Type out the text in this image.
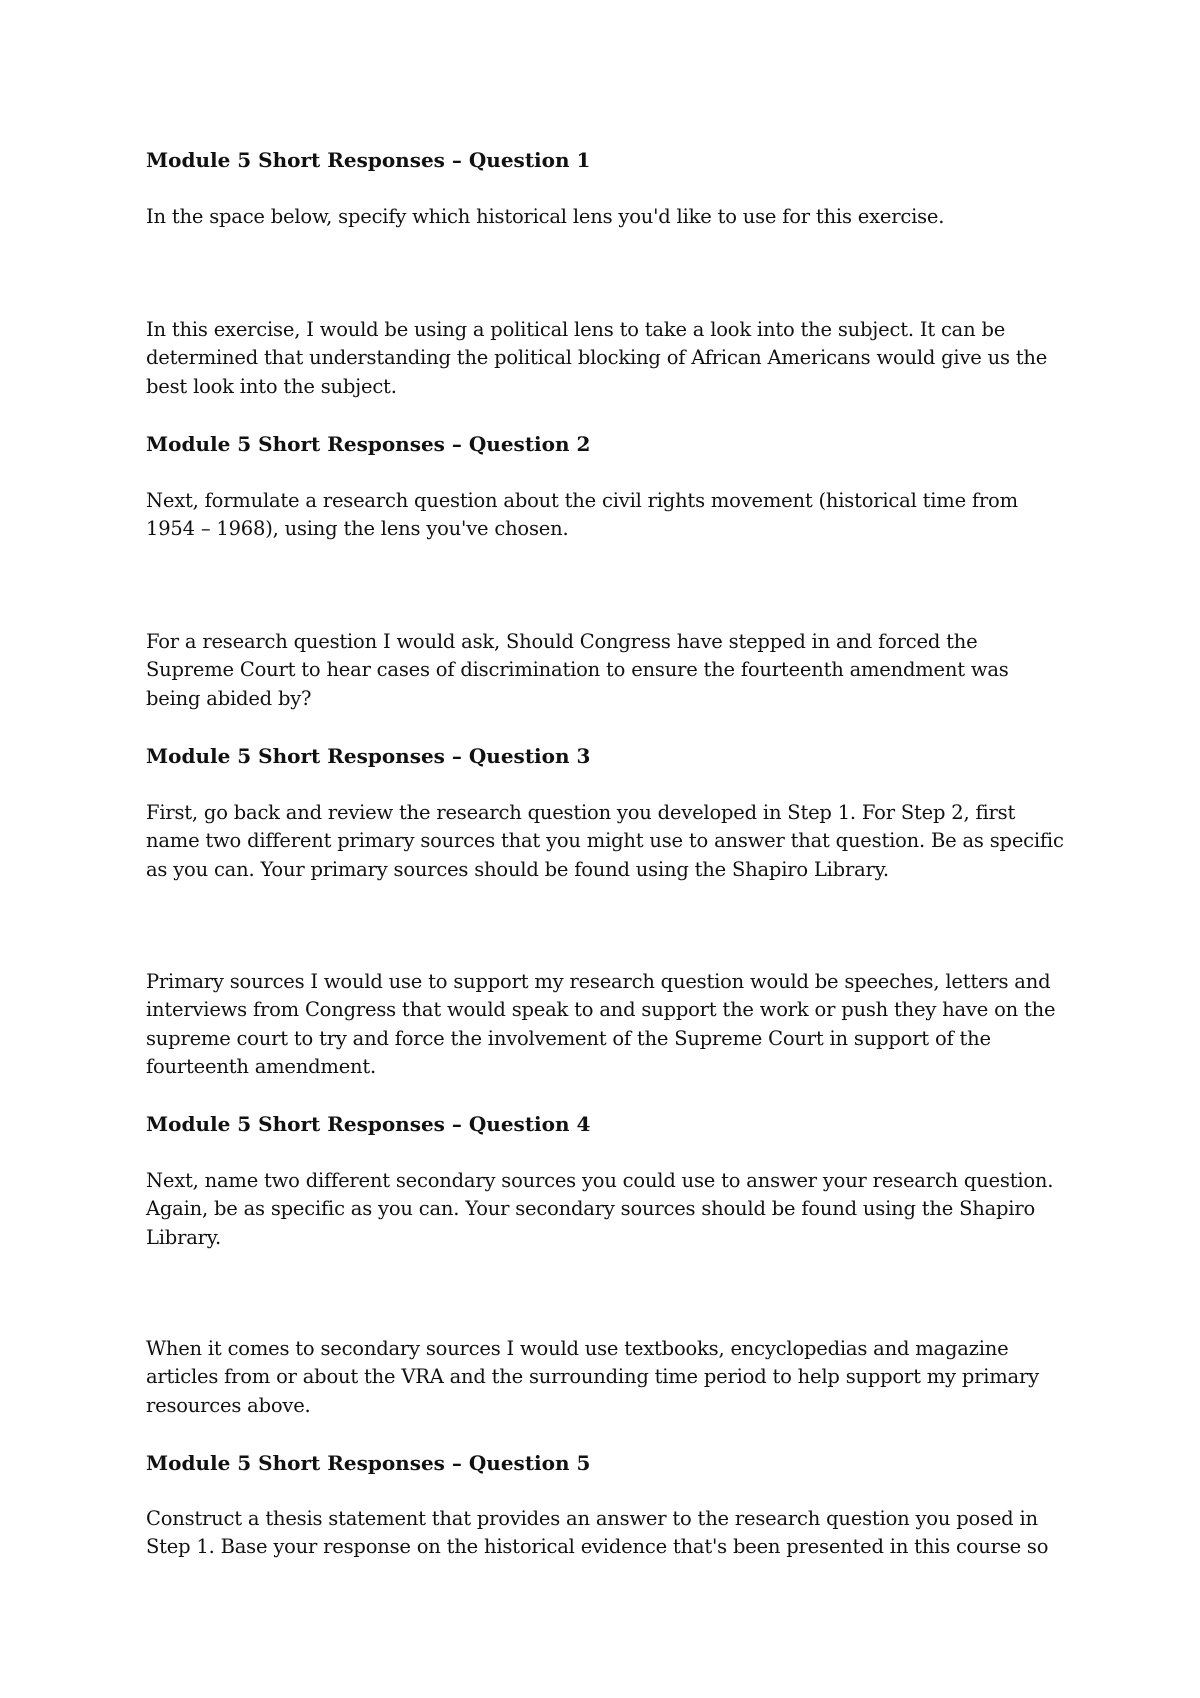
Module 5 Short Responses – Question 1
In the space below, specify which historical lens you'd like to use for this exercise.
In this exercise, I would be using a political lens to take a look into the subject. It can be determined that understanding the political blocking of African Americans would give us the best look into the subject.
Module 5 Short Responses – Question 2
Next, formulate a research question about the civil rights movement (historical time from 1954 – 1968), using the lens you've chosen.
For a research question I would ask, Should Congress have stepped in and forced the Supreme Court to hear cases of discrimination to ensure the fourteenth amendment was being abided by?
Module 5 Short Responses – Question 3
First, go back and review the research question you developed in Step 1. For Step 2, first name two different primary sources that you might use to answer that question. Be as specific as you can. Your primary sources should be found using the Shapiro Library.
Primary sources I would use to support my research question would be speeches, letters and interviews from Congress that would speak to and support the work or push they have on the supreme court to try and force the involvement of the Supreme Court in support of the fourteenth amendment.
Module 5 Short Responses – Question 4
Next, name two different secondary sources you could use to answer your research question. Again, be as specific as you can. Your secondary sources should be found using the Shapiro Library.
When it comes to secondary sources I would use textbooks, encyclopedias and magazine articles from or about the VRA and the surrounding time period to help support my primary resources above.
Module 5 Short Responses – Question 5
Construct a thesis statement that provides an answer to the research question you posed in Step 1. Base your response on the historical evidence that's been presented in this course so
